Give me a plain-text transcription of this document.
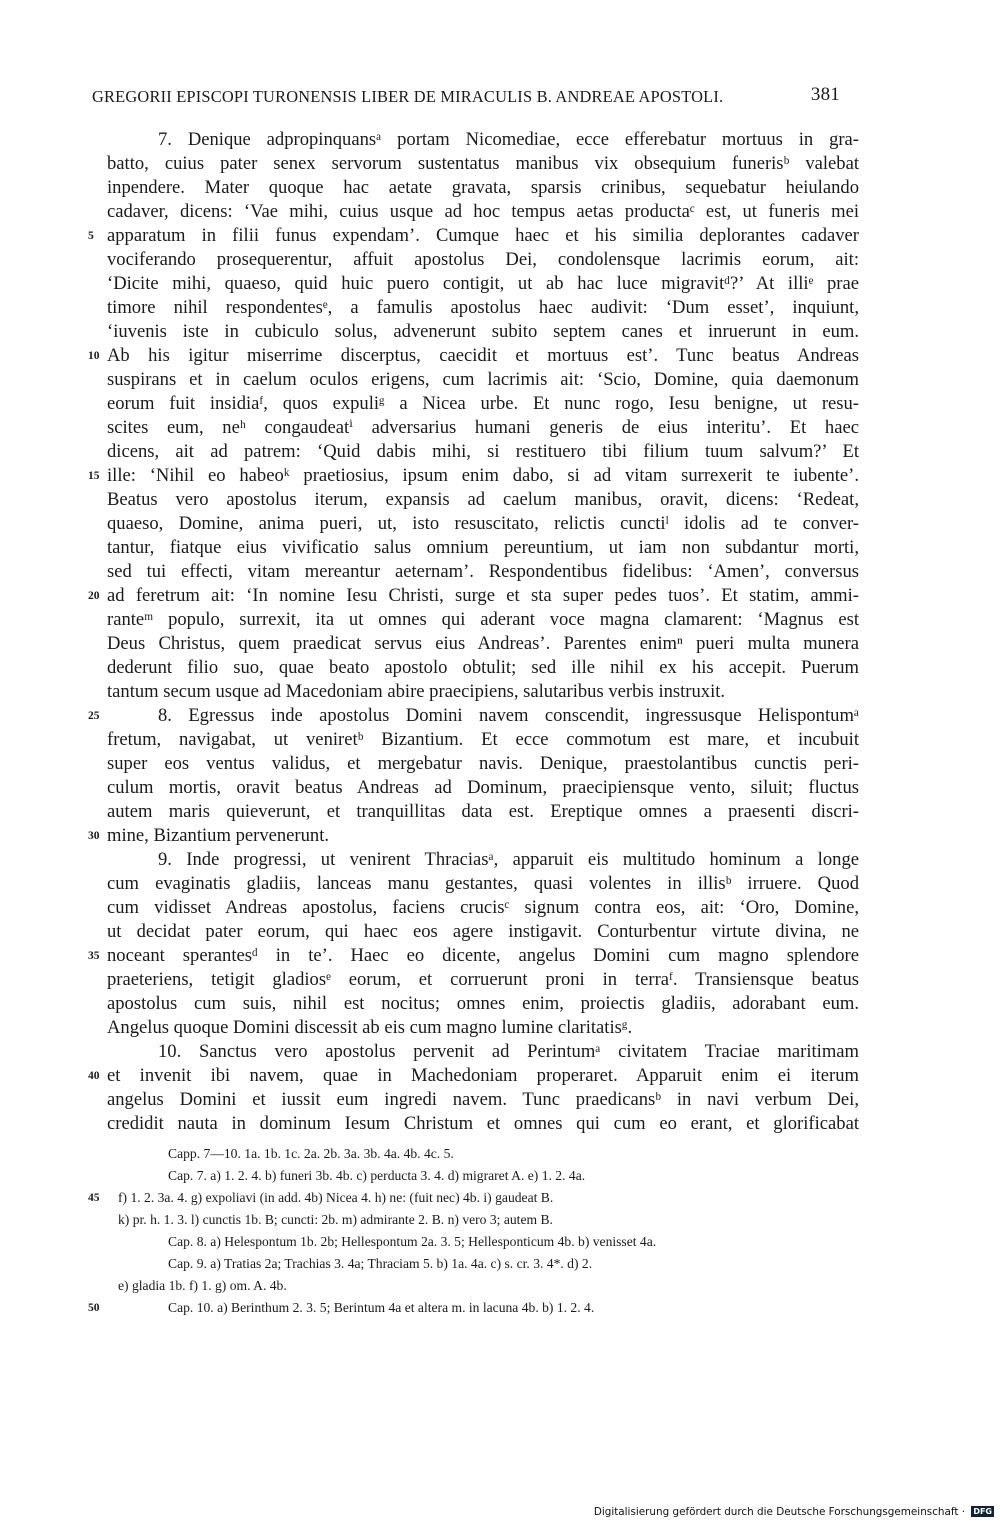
GREGORII EPISCOPI TURONENSIS LIBER DE MIRACULIS B. ANDREAE APOSTOLI.	381
7. Denique adpropinquansᵃ portam Nicomediae, ecce efferebatur mortuus in gra-
batto, cuius pater senex servorum sustentatus manibus vix obsequium funerisᵇ valebat
inpendere. Mater quoque hac aetate gravata, sparsis crinibus, sequebatur heiulando
cadaver, dicens: ‘Vae mihi, cuius usque ad hoc tempus aetas productaᶜ est, ut funeris mei
apparatum in filii funus expendam’. Cumque haec et his similia deplorantes cadaver
vociferando prosequerentur, affuit apostolus Dei, condolensque lacrimis eorum, ait:
‘Dicite mihi, quaeso, quid huic puero contigit, ut ab hac luce migravitᵈ?’ At illiᵉ prae
timore nihil respondentesᵉ, a famulis apostolus haec audivit: ‘Dum esset’, inquiunt,
‘iuvenis iste in cubiculo solus, advenerunt subito septem canes et inruerunt in eum.
Ab his igitur miserrime discerptus, caecidit et mortuus est’. Tunc beatus Andreas
suspirans et in caelum oculos erigens, cum lacrimis ait: ‘Scio, Domine, quia daemonum
eorum fuit insidiaᶠ, quos expuliᵍ a Nicea urbe. Et nunc rogo, Iesu benigne, ut resu-
scites eum, neʰ congaudeatⁱ adversarius humani generis de eius interitu’. Et haec
dicens, ait ad patrem: ‘Quid dabis mihi, si restituero tibi filium tuum salvum?’ Et
ille: ‘Nihil eo habeoᵏ praetiosius, ipsum enim dabo, si ad vitam surrexerit te iubente’.
Beatus vero apostolus iterum, expansis ad caelum manibus, oravit, dicens: ‘Redeat,
quaeso, Domine, anima pueri, ut, isto resuscitato, relictis cunctiˡ idolis ad te conver-
tantur, fiatque eius vivificatio salus omnium pereuntium, ut iam non subdantur morti,
sed tui effecti, vitam mereantur aeternam’. Respondentibus fidelibus: ‘Amen’, conversus
ad feretrum ait: ‘In nomine Iesu Christi, surge et sta super pedes tuos’. Et statim, ammi-
ranteᵐ populo, surrexit, ita ut omnes qui aderant voce magna clamarent: ‘Magnus est
Deus Christus, quem praedicat servus eius Andreas’. Parentes enimⁿ pueri multa munera
dederunt filio suo, quae beato apostolo obtulit; sed ille nihil ex his accepit. Puerum
tantum secum usque ad Macedoniam abire praecipiens, salutaribus verbis instruxit.
8. Egressus inde apostolus Domini navem conscendit, ingressusque Helispontumᵃ
fretum, navigabat, ut veniretᵇ Bizantium. Et ecce commotum est mare, et incubuit
super eos ventus validus, et mergebatur navis. Denique, praestolantibus cunctis peri-
culum mortis, oravit beatus Andreas ad Dominum, praecipiensque vento, siluit; fluctus
autem maris quieverunt, et tranquillitas data est. Ereptique omnes a praesenti discri-
mine, Bizantium pervenerunt.
9. Inde progressi, ut venirent Thraciasᵃ, apparuit eis multitudo hominum a longe
cum evaginatis gladiis, lanceas manu gestantes, quasi volentes in illisᵇ irruere. Quod
cum vidisset Andreas apostolus, faciens crucisᶜ signum contra eos, ait: ‘Oro, Domine,
ut decidat pater eorum, qui haec eos agere instigavit. Conturbentur virtute divina, ne
noceant sperantesᵈ in te’. Haec eo dicente, angelus Domini cum magno splendore
praeteriens, tetigit gladiosᵉ eorum, et corruerunt proni in terraᶠ. Transiensque beatus
apostolus cum suis, nihil est nocitus; omnes enim, proiectis gladiis, adorabant eum.
Angelus quoque Domini discessit ab eis cum magno lumine claritatisᵍ.
10. Sanctus vero apostolus pervenit ad Perintumᵃ civitatem Traciae maritimam
et invenit ibi navem, quae in Machedoniam properaret. Apparuit enim ei iterum
angelus Domini et iussit eum ingredi navem. Tunc praedicansᵇ in navi verbum Dei,
credidit nauta in dominum Iesum Christum et omnes qui cum eo erant, et glorificabat
5
10
15
20
25
30
35
40
Capp. 7—10. 1a. 1b. 1c. 2a. 2b. 3a. 3b. 4a. 4b. 4c. 5.
Cap. 7. a) 1. 2. 4. b) funeri 3b. 4b. c) perducta 3. 4. d) migraret A. e) 1. 2. 4a.
f) 1. 2. 3a. 4. g) expoliavi (in add. 4b) Nicea 4. h) ne: (fuit nec) 4b. i) gaudeat B.
k) pr. h. 1. 3. l) cunctis 1b. B; cuncti: 2b. m) admirante 2. B. n) vero 3; autem B.
Cap. 8. a) Helespontum 1b. 2b; Hellespontum 2a. 3. 5; Hellesponticum 4b. b) venisset 4a.
Cap. 9. a) Tratias 2a; Trachias 3. 4a; Thraciam 5. b) 1a. 4a. c) s. cr. 3. 4*. d) 2.
e) gladia 1b. f) 1. g) om. A. 4b.
Cap. 10. a) Berinthum 2. 3. 5; Berintum 4a et altera m. in lacuna 4b. b) 1. 2. 4.
45
50
Digitalisierung gefördert durch die Deutsche Forschungsgemeinschaft · DFG
